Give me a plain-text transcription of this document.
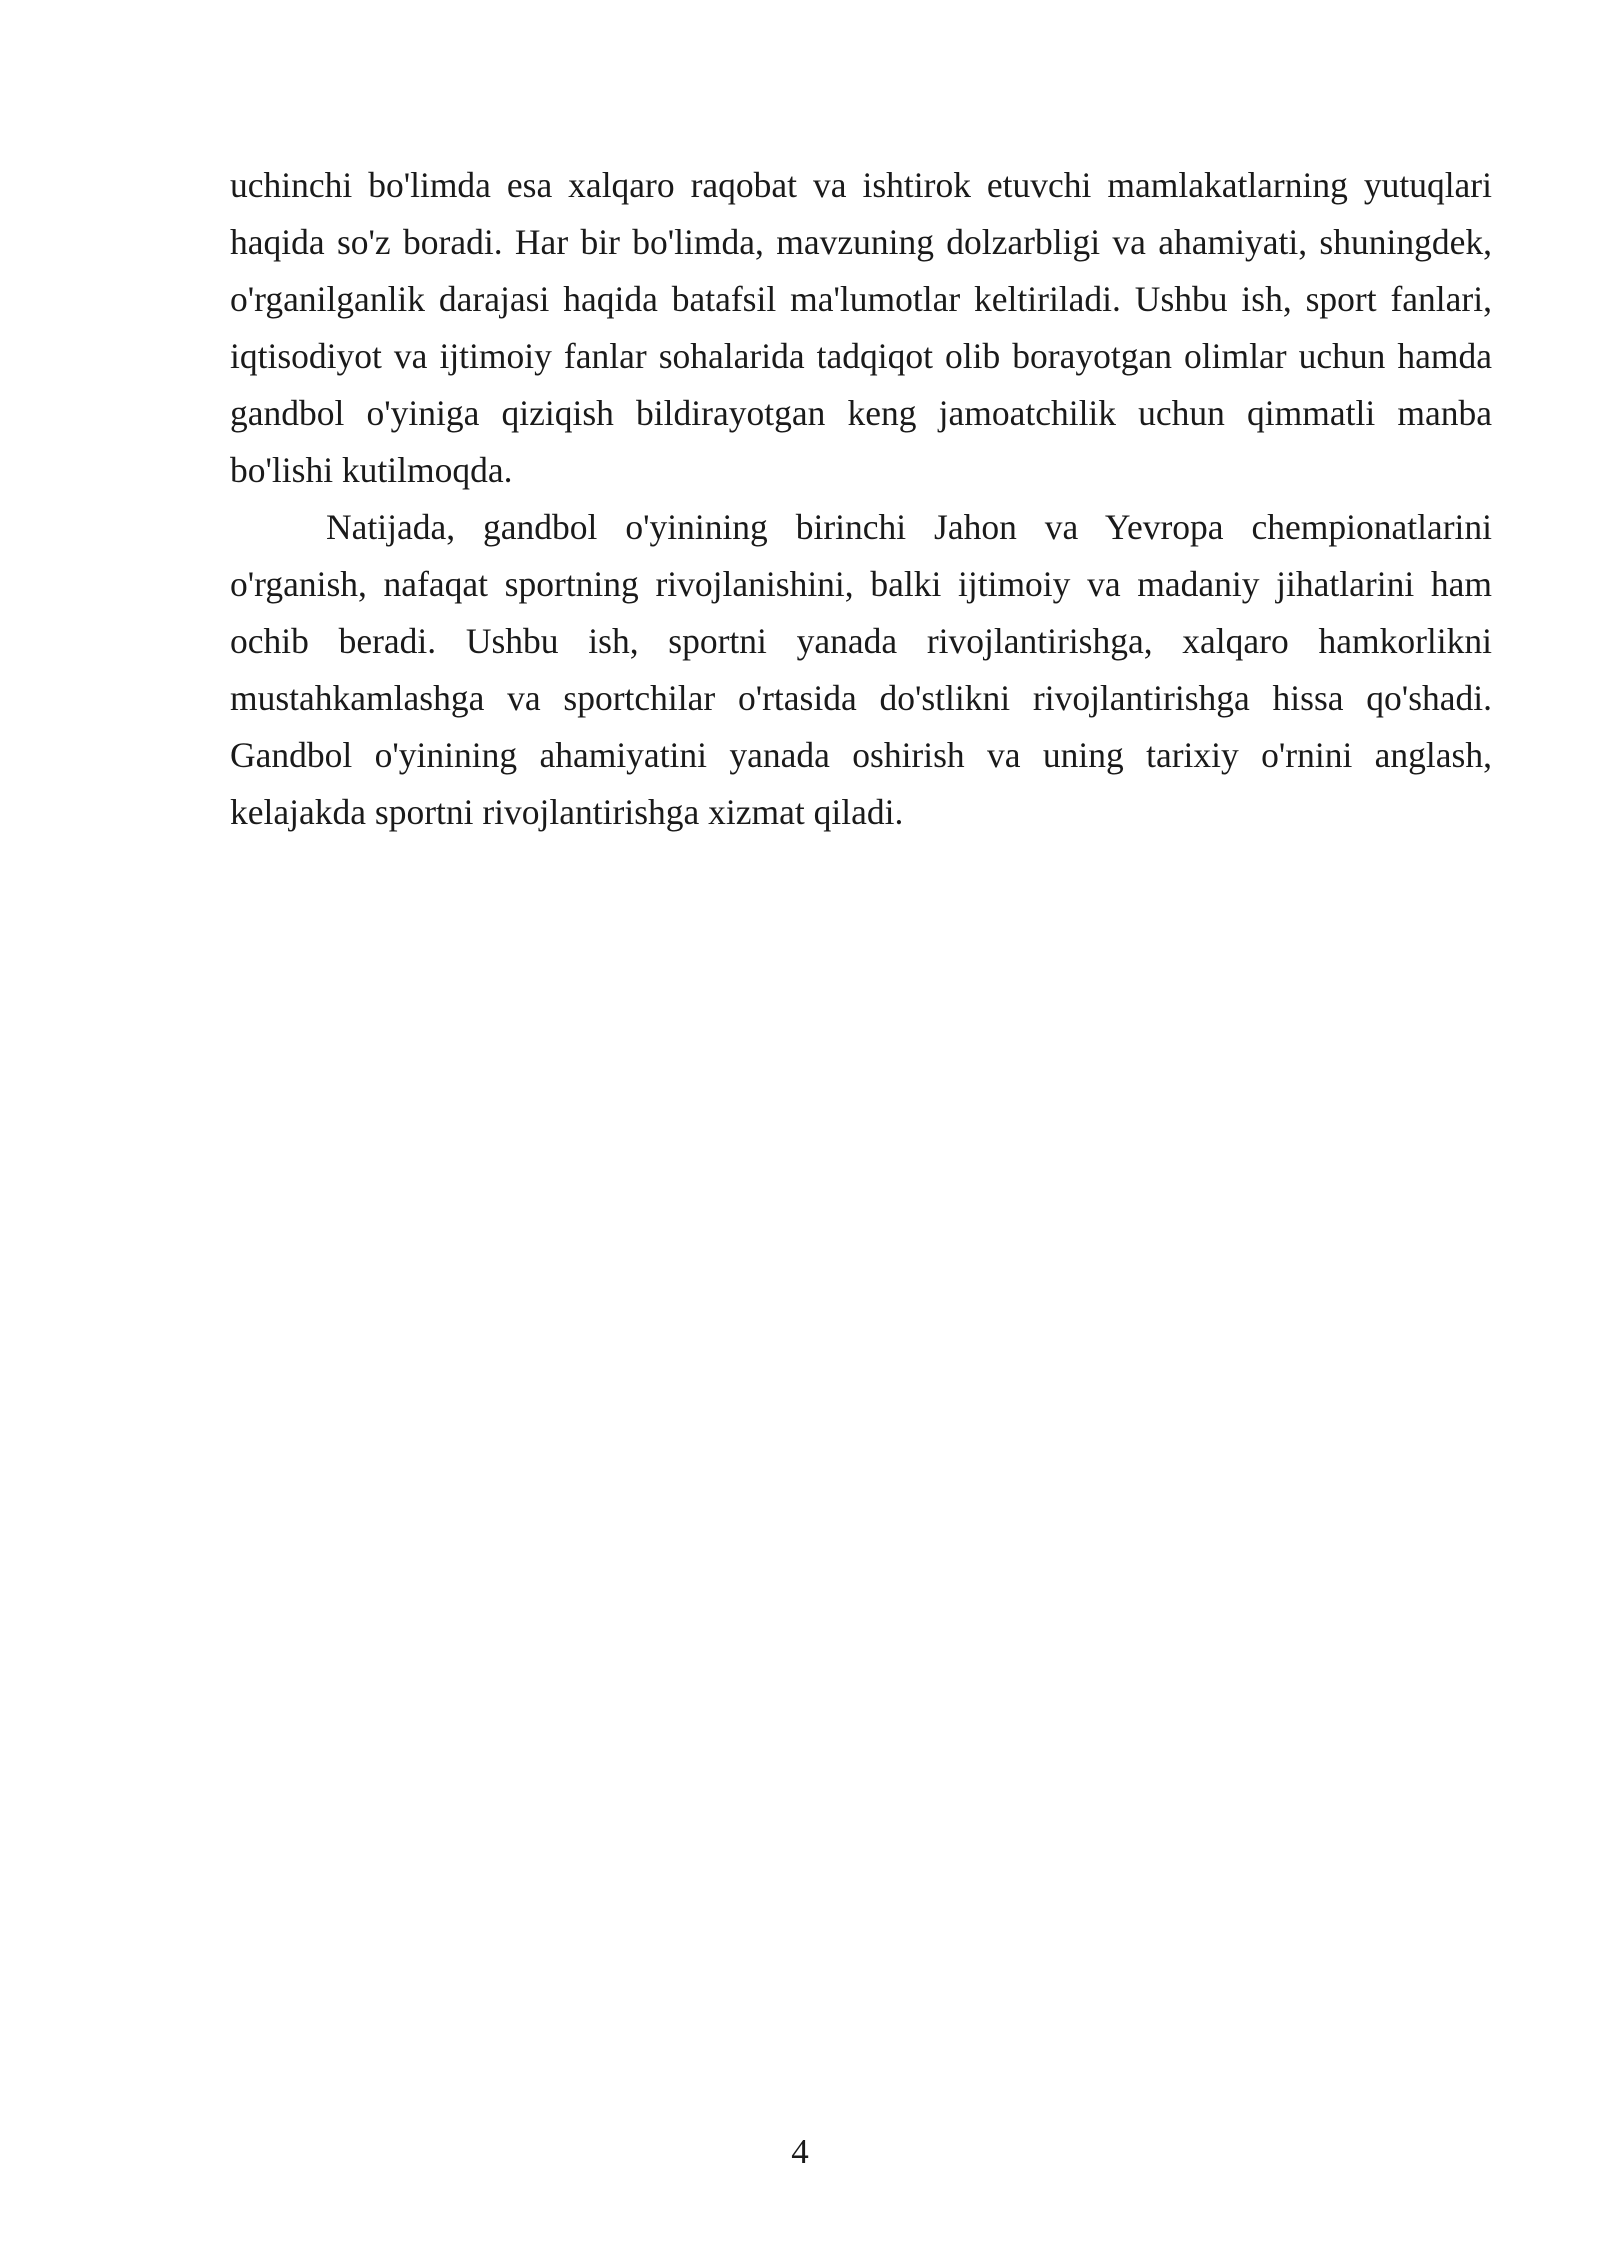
uchinchi bo'limda esa xalqaro raqobat va ishtirok etuvchi mamlakatlarning yutuqlari haqida so'z boradi. Har bir bo'limda, mavzuning dolzarbligi va ahamiyati, shuningdek, o'rganilganlik darajasi haqida batafsil ma'lumotlar keltiriladi. Ushbu ish, sport fanlari, iqtisodiyot va ijtimoiy fanlar sohalarida tadqiqot olib borayotgan olimlar uchun hamda gandbol o'yiniga qiziqish bildirayotgan keng jamoatchilik uchun qimmatli manba bo'lishi kutilmoqda.

Natijada, gandbol o'yinining birinchi Jahon va Yevropa chempionatlarini o'rganish, nafaqat sportning rivojlanishini, balki ijtimoiy va madaniy jihatlarini ham ochib beradi. Ushbu ish, sportni yanada rivojlantirishga, xalqaro hamkorlikni mustahkamlashga va sportchilar o'rtasida do'stlikni rivojlantirishga hissa qo'shadi. Gandbol o'yinining ahamiyatini yanada oshirish va uning tarixiy o'rnini anglash, kelajakda sportni rivojlantirishga xizmat qiladi.

4
